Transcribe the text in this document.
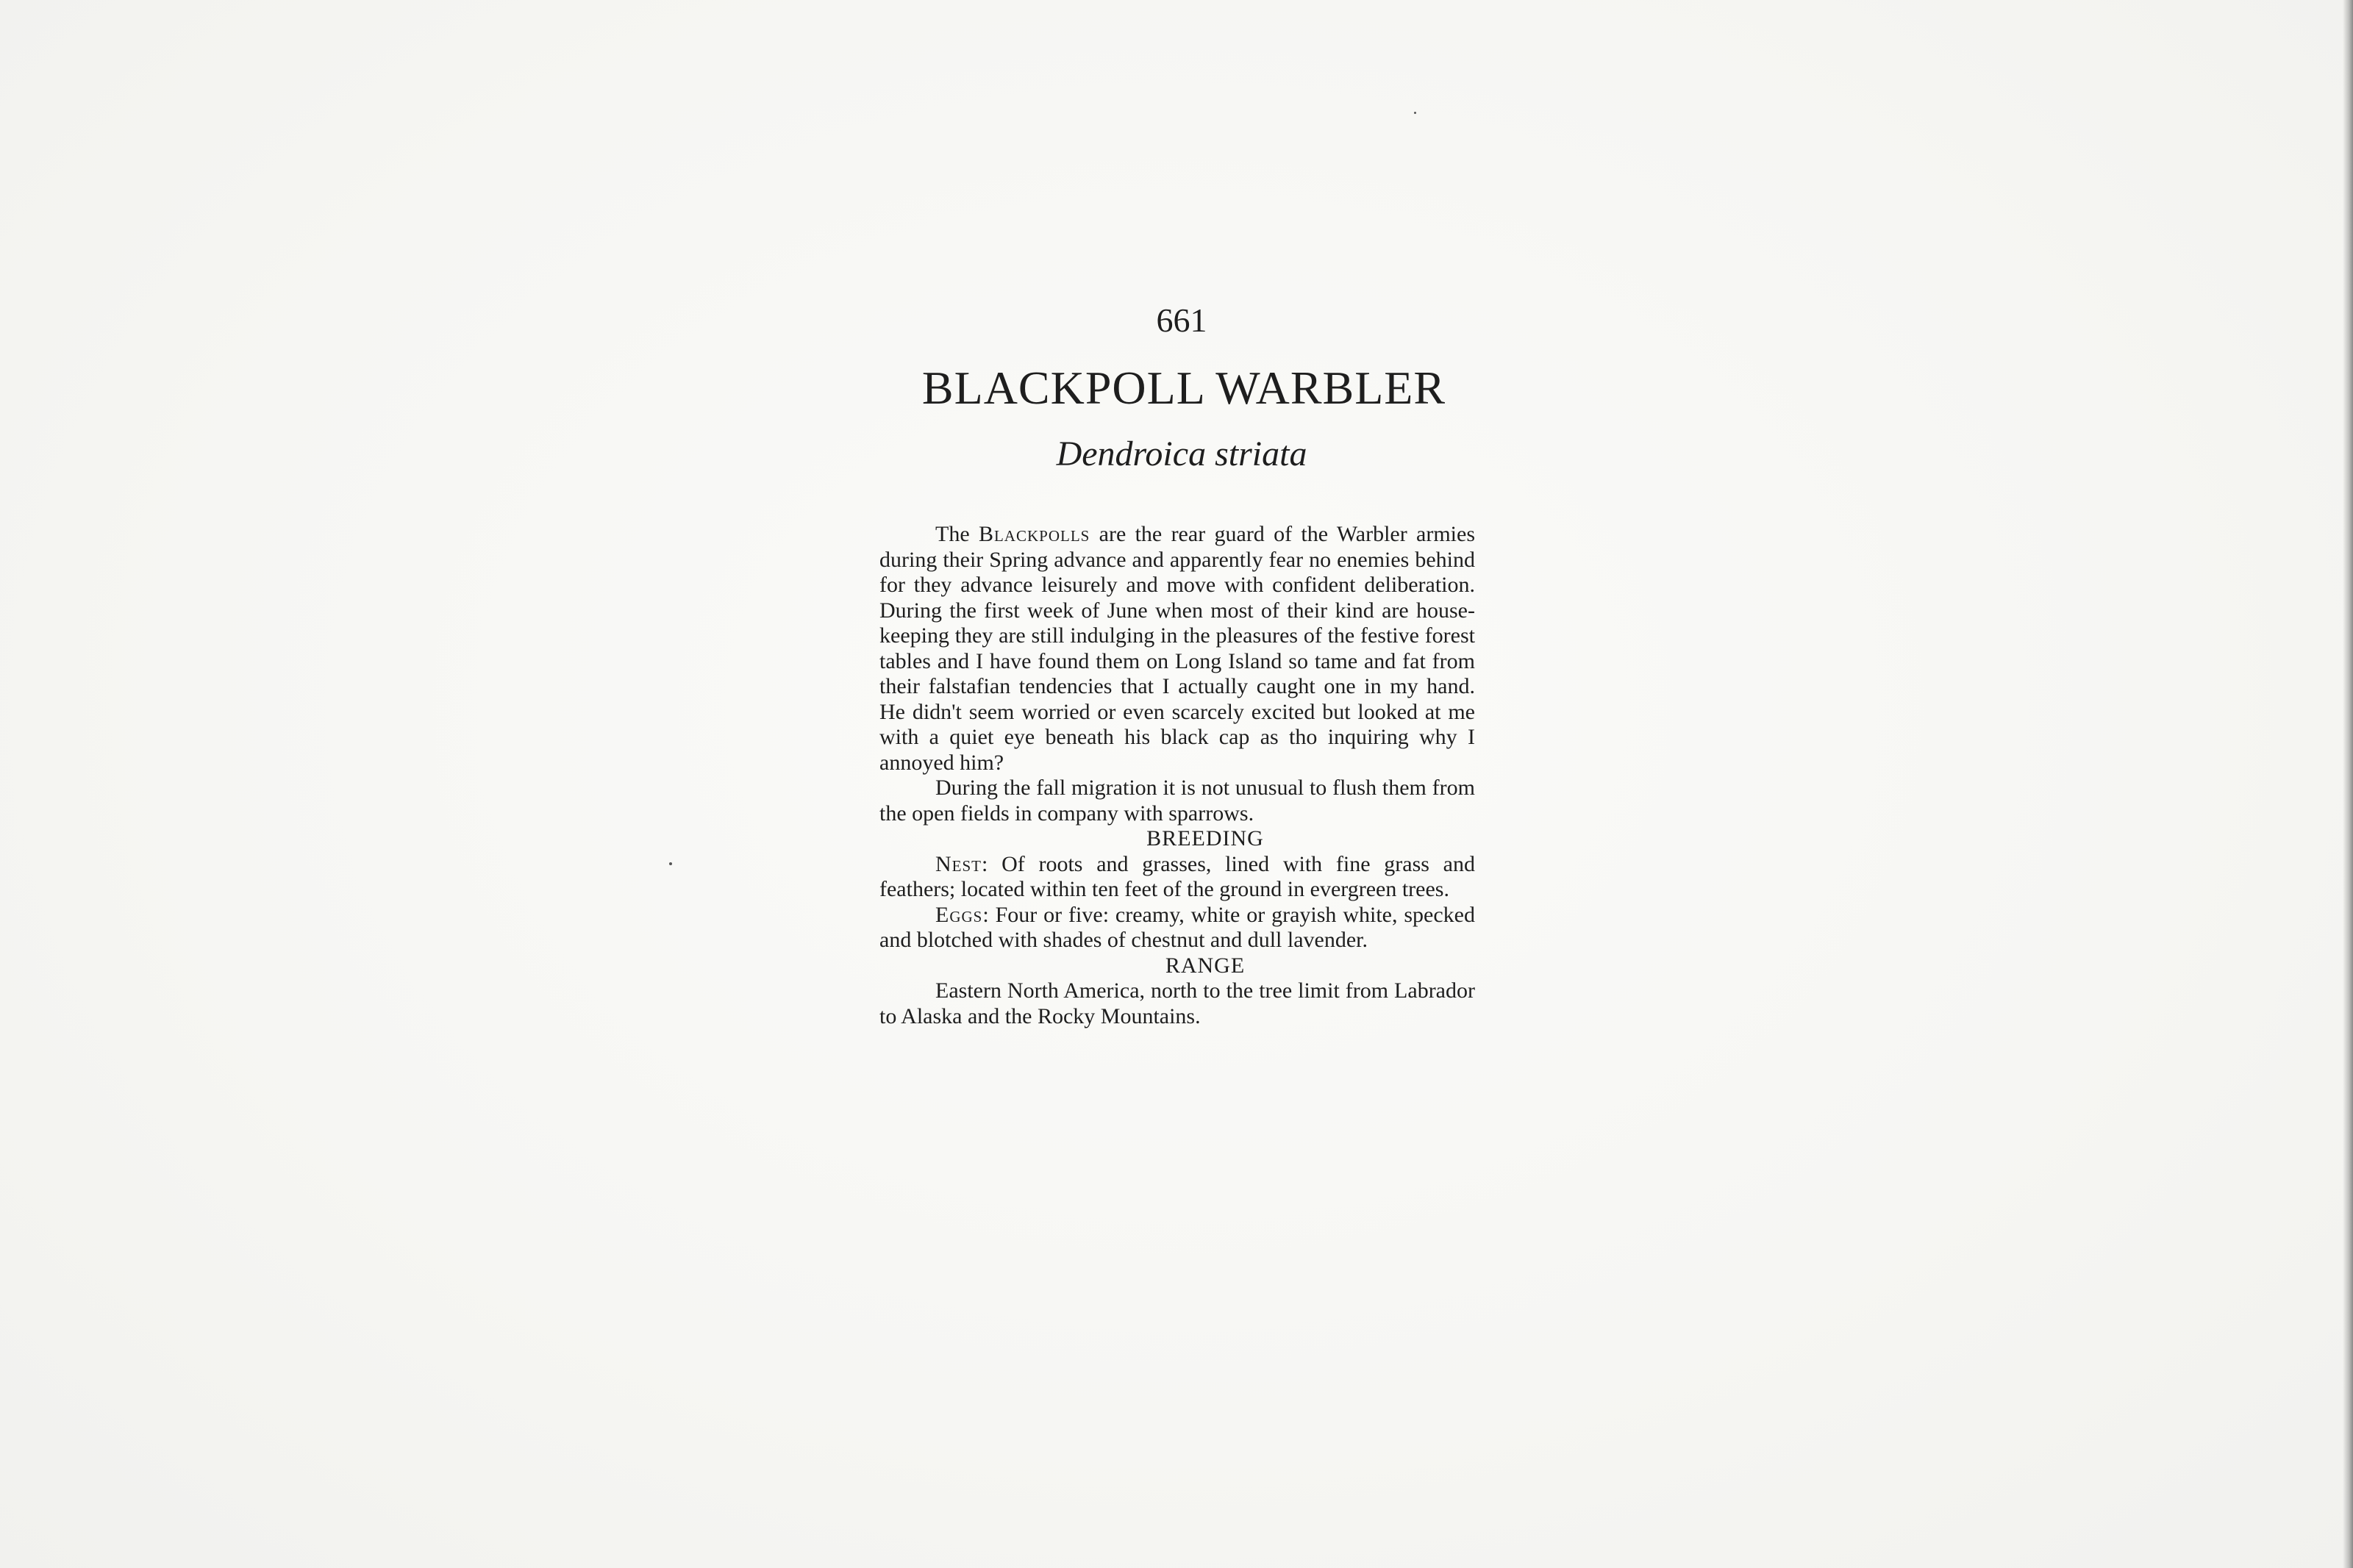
661
BLACKPOLL WARBLER
Dendroica striata

The Blackpolls are the rear guard of the Warbler armies during their Spring advance and apparently fear no enemies behind for they advance leisurely and move with confident deliberation. During the first week of June when most of their kind are house-keeping they are still indulging in the pleasures of the festive forest tables and I have found them on Long Island so tame and fat from their falstafian tendencies that I actually caught one in my hand. He didn't seem worried or even scarcely excited but looked at me with a quiet eye beneath his black cap as tho inquiring why I annoyed him?

During the fall migration it is not unusual to flush them from the open fields in company with sparrows.

BREEDING

Nest: Of roots and grasses, lined with fine grass and feathers; located within ten feet of the ground in evergreen trees.

Eggs: Four or five: creamy, white or grayish white, specked and blotched with shades of chestnut and dull lavender.

RANGE

Eastern North America, north to the tree limit from Labrador to Alaska and the Rocky Mountains.
